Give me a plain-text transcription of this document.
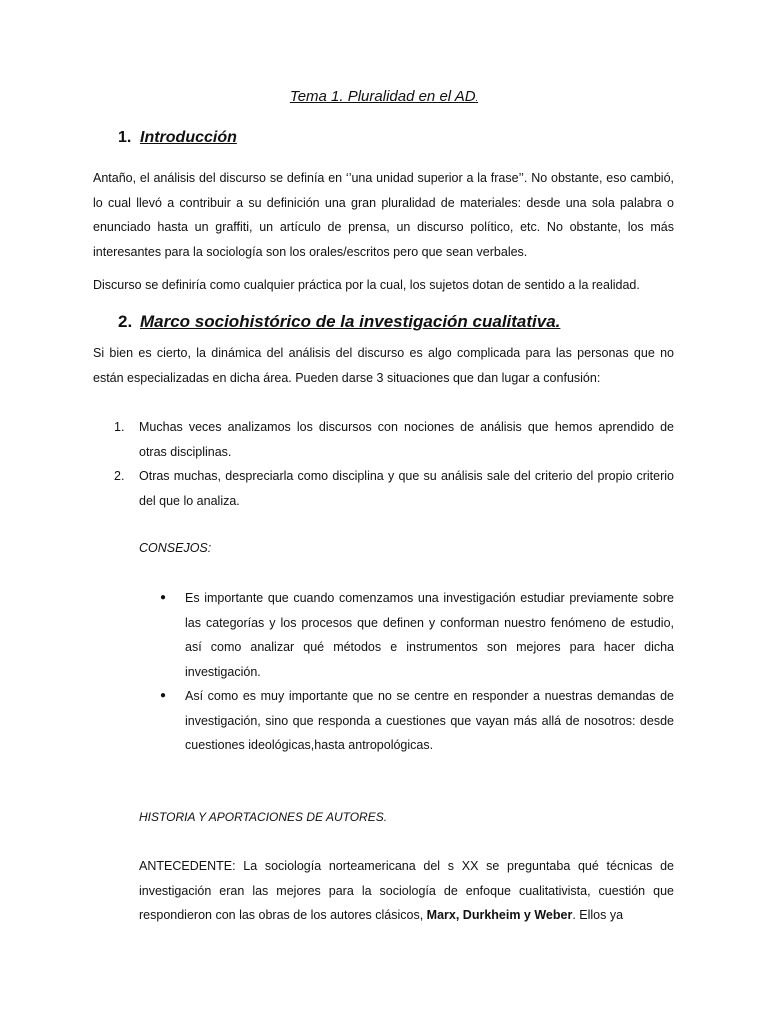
Tema 1. Pluralidad en el AD.

1. Introducción

Antaño, el análisis del discurso se definía en ‘’una unidad superior a la frase’’. No obstante, eso cambió, lo cual llevó a contribuir a su definición una gran pluralidad de materiales: desde una sola palabra o enunciado hasta un graffiti, un artículo de prensa, un discurso político, etc. No obstante, los más interesantes para la sociología son los orales/escritos pero que sean verbales.

Discurso se definiría como cualquier práctica por la cual, los sujetos dotan de sentido a la realidad.

2. Marco sociohistórico de la investigación cualitativa.

Si bien es cierto, la dinámica del análisis del discurso es algo complicada para las personas que no están especializadas en dicha área. Pueden darse 3 situaciones que dan lugar a confusión:

1.	Muchas veces analizamos los discursos con nociones de análisis que hemos aprendido de otras disciplinas.
2.	Otras muchas, despreciarla como disciplina y que su análisis sale del criterio del propio criterio del que lo analiza.

CONSEJOS:

● Es importante que cuando comenzamos una investigación estudiar previamente sobre las categorías y los procesos que definen y conforman nuestro fenómeno de estudio, así como analizar qué métodos e instrumentos son mejores para hacer dicha investigación.
● Así como es muy importante que no se centre en responder a nuestras demandas de investigación, sino que responda a cuestiones que vayan más allá de nosotros: desde cuestiones ideológicas,hasta antropológicas.

HISTORIA Y APORTACIONES DE AUTORES.

ANTECEDENTE: La sociología norteamericana del s XX se preguntaba qué técnicas de investigación eran las mejores para la sociología de enfoque cualitativista, cuestión que respondieron con las obras de los autores clásicos, Marx, Durkheim y Weber. Ellos ya
